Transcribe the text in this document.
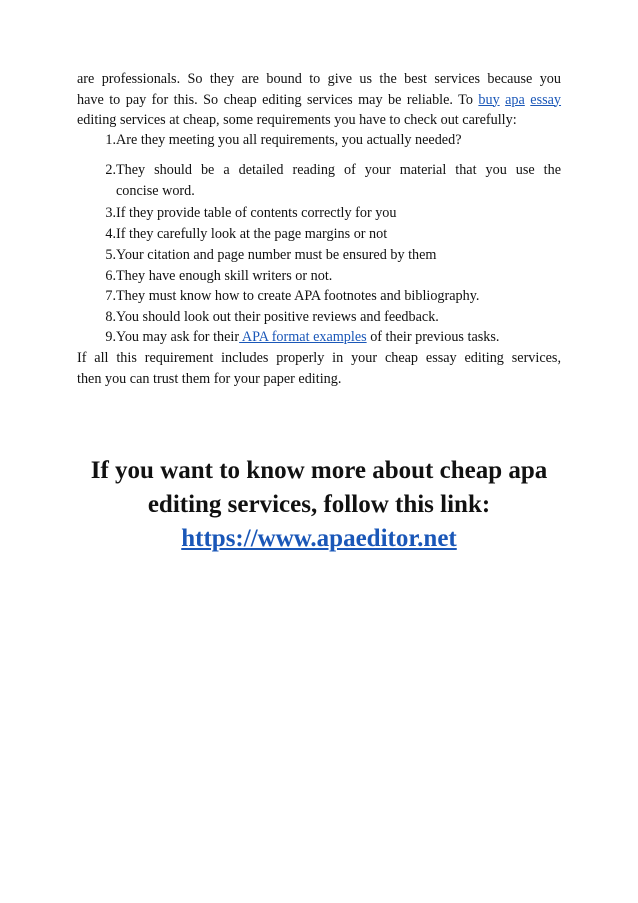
are professionals. So they are bound to give us the best services because you
have to pay for this. So cheap editing services may be reliable. To buy apa essay
editing services at cheap, some requirements you have to check out carefully:
1. Are they meeting you all requirements, you actually needed?
2. They should be a detailed reading of your material that you use the
concise word.
3. If they provide table of contents correctly for you
4. If they carefully look at the page margins or not
5. Your citation and page number must be ensured by them
6. They have enough skill writers or not.
7. They must know how to create APA footnotes and bibliography.
8. You should look out their positive reviews and feedback.
9. You may ask for their APA format examples of their previous tasks.
If all this requirement includes properly in your cheap essay editing services,
then you can trust them for your paper editing.
If you want to know more about cheap apa
editing services, follow this link:
https://www.apaeditor.net
